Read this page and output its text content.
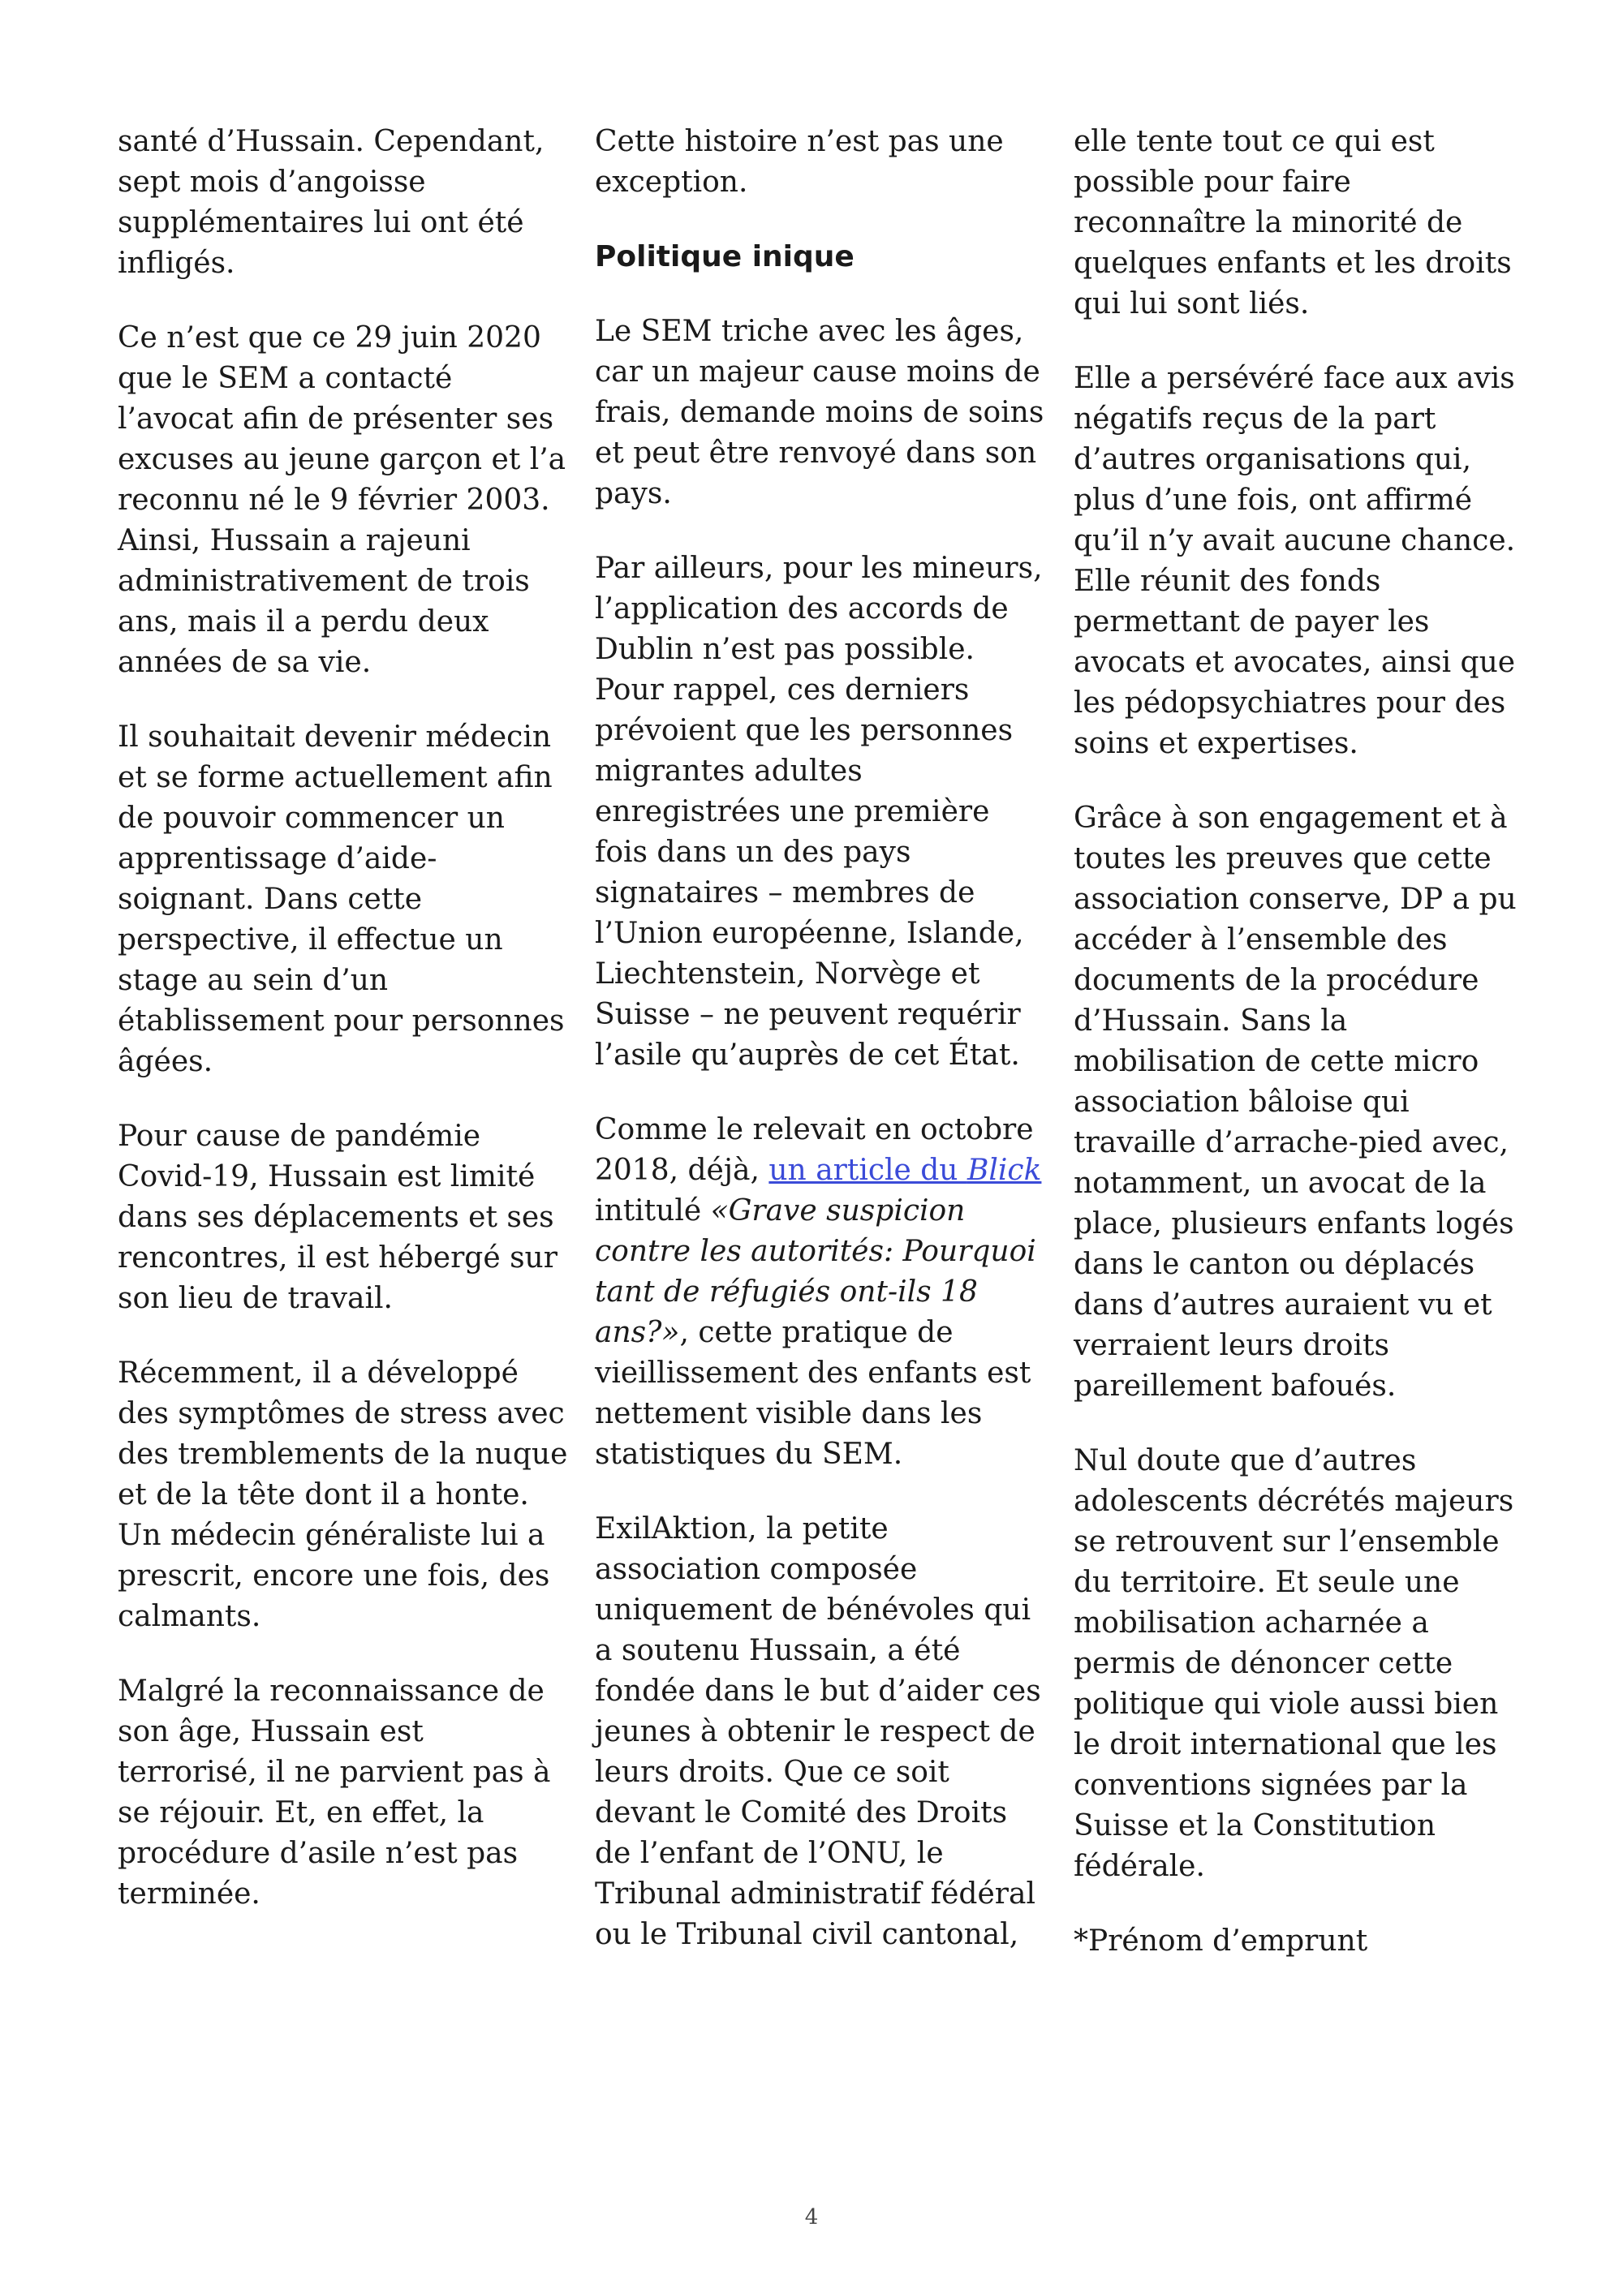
santé d’Hussain. Cependant, sept mois d’angoisse supplémentaires lui ont été infligés.

Ce n’est que ce 29 juin 2020 que le SEM a contacté l’avocat afin de présenter ses excuses au jeune garçon et l’a reconnu né le 9 février 2003. Ainsi, Hussain a rajeuni administrativement de trois ans, mais il a perdu deux années de sa vie.

Il souhaitait devenir médecin et se forme actuellement afin de pouvoir commencer un apprentissage d’aide-soignant. Dans cette perspective, il effectue un stage au sein d’un établissement pour personnes âgées.

Pour cause de pandémie Covid-19, Hussain est limité dans ses déplacements et ses rencontres, il est hébergé sur son lieu de travail.

Récemment, il a développé des symptômes de stress avec des tremblements de la nuque et de la tête dont il a honte. Un médecin généraliste lui a prescrit, encore une fois, des calmants.

Malgré la reconnaissance de son âge, Hussain est terrorisé, il ne parvient pas à se réjouir. Et, en effet, la procédure d’asile n’est pas terminée.

Cette histoire n’est pas une exception.

Politique inique

Le SEM triche avec les âges, car un majeur cause moins de frais, demande moins de soins et peut être renvoyé dans son pays.

Par ailleurs, pour les mineurs, l’application des accords de Dublin n’est pas possible. Pour rappel, ces derniers prévoient que les personnes migrantes adultes enregistrées une première fois dans un des pays signataires – membres de l’Union européenne, Islande, Liechtenstein, Norvège et Suisse – ne peuvent requérir l’asile qu’auprès de cet État.

Comme le relevait en octobre 2018, déjà, un article du Blick intitulé «Grave suspicion contre les autorités: Pourquoi tant de réfugiés ont-ils 18 ans?», cette pratique de vieillissement des enfants est nettement visible dans les statistiques du SEM.

ExilAktion, la petite association composée uniquement de bénévoles qui a soutenu Hussain, a été fondée dans le but d’aider ces jeunes à obtenir le respect de leurs droits. Que ce soit devant le Comité des Droits de l’enfant de l’ONU, le Tribunal administratif fédéral ou le Tribunal civil cantonal,

elle tente tout ce qui est possible pour faire reconnaître la minorité de quelques enfants et les droits qui lui sont liés.

Elle a persévéré face aux avis négatifs reçus de la part d’autres organisations qui, plus d’une fois, ont affirmé qu’il n’y avait aucune chance. Elle réunit des fonds permettant de payer les avocats et avocates, ainsi que les pédopsychiatres pour des soins et expertises.

Grâce à son engagement et à toutes les preuves que cette association conserve, DP a pu accéder à l’ensemble des documents de la procédure d’Hussain. Sans la mobilisation de cette micro association bâloise qui travaille d’arrache-pied avec,

notamment, un avocat de la place, plusieurs enfants logés dans le canton ou déplacés dans d’autres auraient vu et verraient leurs droits pareillement bafoués.

Nul doute que d’autres adolescents décrétés majeurs se retrouvent sur l’ensemble du territoire. Et seule une mobilisation acharnée a permis de dénoncer cette politique qui viole aussi bien le droit international que les conventions signées par la Suisse et la Constitution fédérale.

*Prénom d’emprunt

4
